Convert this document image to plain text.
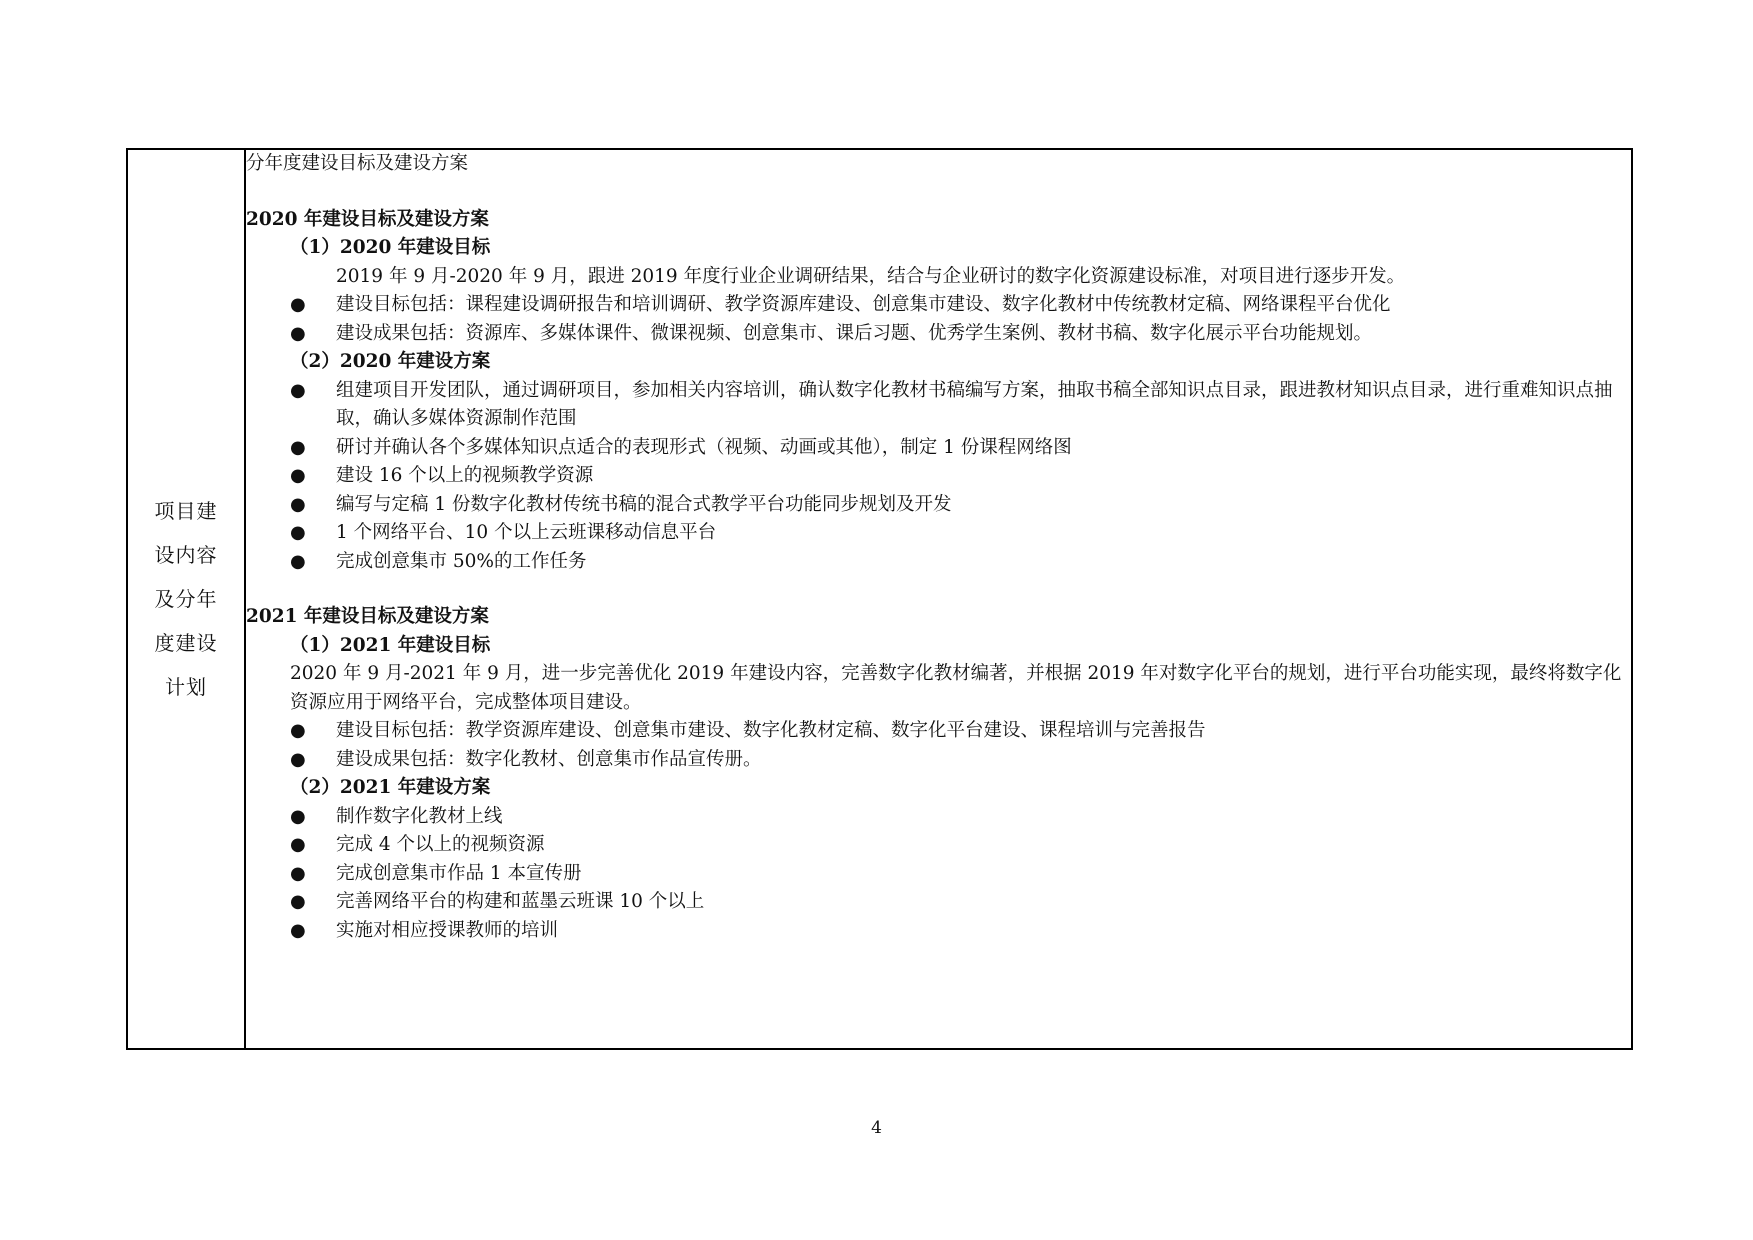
项目建
设内容
及分年
度建设
计划

分年度建设目标及建设方案
2020 年建设目标及建设方案
（1）2020 年建设目标
2019 年 9 月-2020 年 9 月，跟进 2019 年度行业企业调研结果，结合与企业研讨的数字化资源建设标准，对项目进行逐步开发。
● 建设目标包括：课程建设调研报告和培训调研、教学资源库建设、创意集市建设、数字化教材中传统教材定稿、网络课程平台优化
● 建设成果包括：资源库、多媒体课件、微课视频、创意集市、课后习题、优秀学生案例、教材书稿、数字化展示平台功能规划。
（2）2020 年建设方案
● 组建项目开发团队，通过调研项目，参加相关内容培训，确认数字化教材书稿编写方案，抽取书稿全部知识点目录，跟进教材知识点目录，进行重难知识点抽取，确认多媒体资源制作范围
● 研讨并确认各个多媒体知识点适合的表现形式（视频、动画或其他），制定 1 份课程网络图
● 建设 16 个以上的视频教学资源
● 编写与定稿 1 份数字化教材传统书稿的混合式教学平台功能同步规划及开发
● 1 个网络平台、10 个以上云班课移动信息平台
● 完成创意集市 50%的工作任务
2021 年建设目标及建设方案
（1）2021 年建设目标
2020 年 9 月-2021 年 9 月，进一步完善优化 2019 年建设内容，完善数字化教材编著，并根据 2019 年对数字化平台的规划，进行平台功能实现，最终将数字化资源应用于网络平台，完成整体项目建设。
● 建设目标包括：教学资源库建设、创意集市建设、数字化教材定稿、数字化平台建设、课程培训与完善报告
● 建设成果包括：数字化教材、创意集市作品宣传册。
（2）2021 年建设方案
● 制作数字化教材上线
● 完成 4 个以上的视频资源
● 完成创意集市作品 1 本宣传册
● 完善网络平台的构建和蓝墨云班课 10 个以上
● 实施对相应授课教师的培训
4
